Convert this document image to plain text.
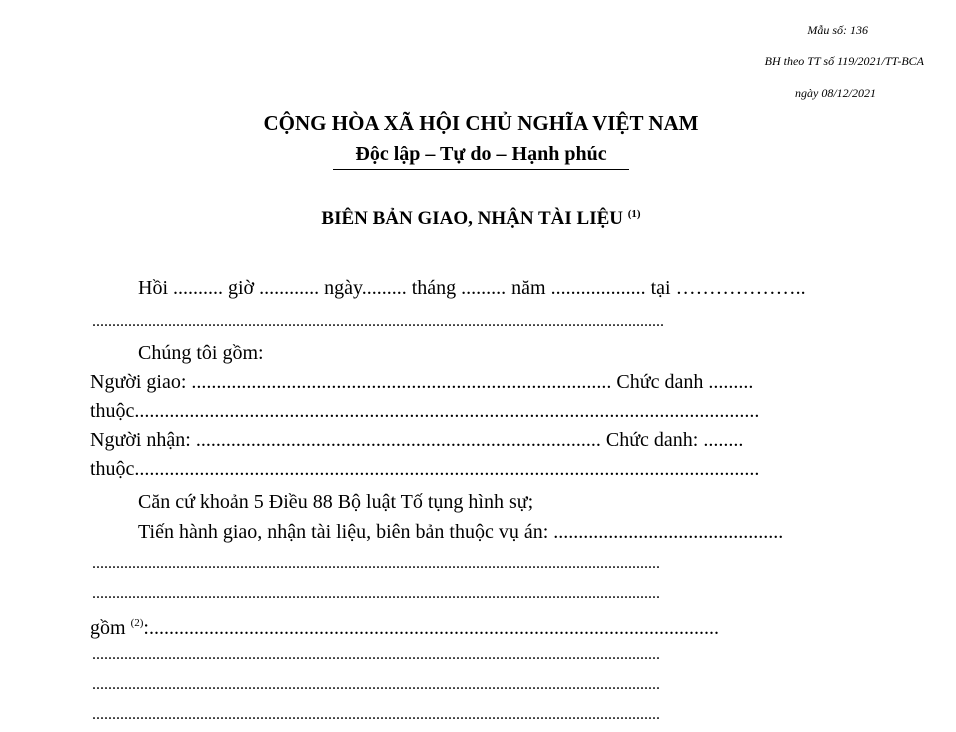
Mẫu số: 136
BH theo TT số 119/2021/TT-BCA
ngày 08/12/2021
CỘNG HÒA XÃ HỘI CHỦ NGHĨA VIỆT NAM
Độc lập – Tự do – Hạnh phúc
BIÊN BẢN GIAO, NHẬN TÀI LIỆU $^{(1)}$
Hồi .......... giờ ............ ngày......... tháng ......... năm ................... tại ………………..
...............................................................................................................................................
Chúng tôi gồm:
Người giao: .................................................................................... Chức danh .........
thuộc.............................................................................................................................
Người nhận: ................................................................................. Chức danh: ........
thuộc.............................................................................................................................
Căn cứ khoản 5 Điều 88 Bộ luật Tố tụng hình sự;
Tiến hành giao, nhận tài liệu, biên bản thuộc vụ án: ..............................................
..............................................................................................................................................
..............................................................................................................................................
gồm $^{(2)}$:..................................................................................................................
..............................................................................................................................................
..............................................................................................................................................
..............................................................................................................................................
